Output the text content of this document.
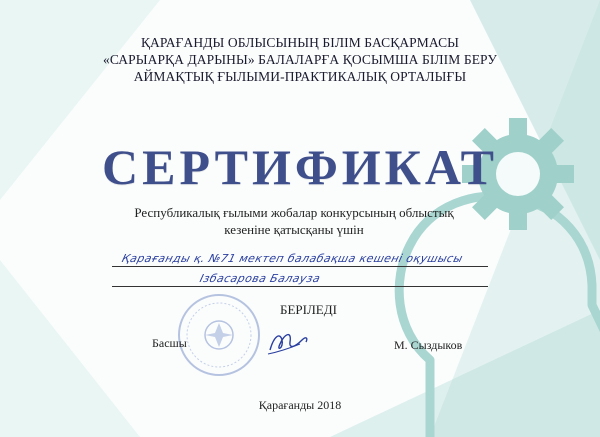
ҚАРАҒАНДЫ ОБЛЫСЫНЫҢ БІЛІМ БАСҚАРМАСЫ
«САРЫАРҚА ДАРЫНЫ» БАЛАЛАРҒА ҚОСЫМША БІЛІМ БЕРУ
АЙМАҚТЫҚ ҒЫЛЫМИ-ПРАКТИКАЛЫҚ ОРТАЛЫҒЫ
СЕРТИФИКАТ
Республикалық ғылыми жобалар конкурсының облыстық
кезеніне қатысқаны үшін
Қарағанды қ. №71 мектеп балабақша кешені оқушысы
Ізбасарова Балауза
БЕРІЛЕДІ
Басшы	М. Сыздыков
Қарағанды 2018
